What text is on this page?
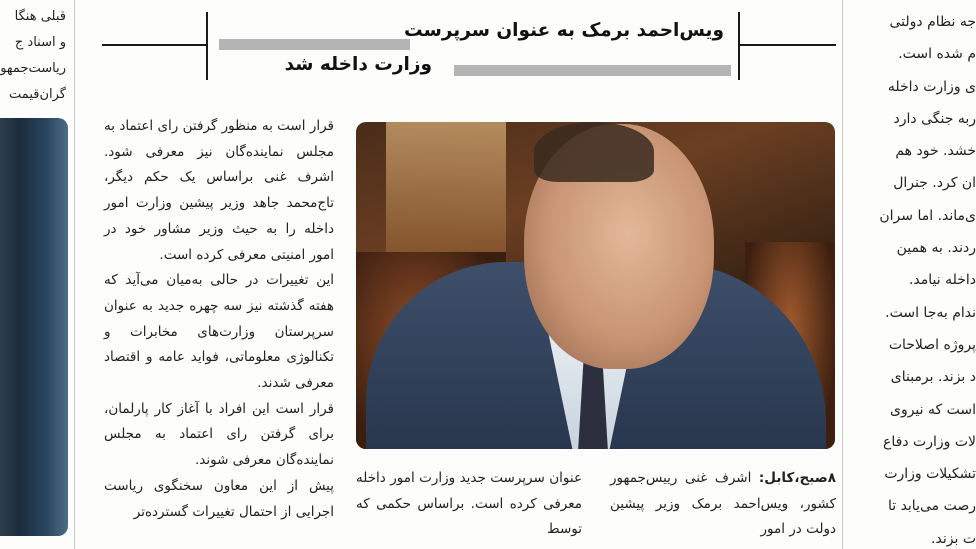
قبلی هنگا
و اسناد ج
ریاست‌جمهو
گران‌قیمت
ویس‌احمد برمک به عنوان سرپرست
وزارت داخله شد

قرار است به منظور گرفتن رای اعتماد به مجلس نماینده‌گان نیز معرفی شود. اشرف غنی براساس یک حکم دیگر، تاج‌محمد جاهد وزیر پیشین وزارت امور داخله را به حیث وزیر مشاور خود در امور امنیتی معرفی کرده است.

این تغییرات در حالی به‌میان می‌آید که هفته گذشته نیز سه چهره جدید به عنوان سرپرستان وزارت‌های مخابرات و تکنالوژی معلوماتی، فواید عامه و اقتصاد معرفی شدند.

قرار است این افراد با آغاز کار پارلمان، برای گرفتن رای اعتماد به مجلس نماینده‌گان معرفی شوند.

پیش از این معاون سخنگوی ریاست اجرایی از احتمال تغییرات گسترده‌تر

عنوان سرپرست جدید وزارت امور داخله معرفی کرده است. براساس حکمی که توسط

۸صبح،کابل: اشرف غنی رییس‌جمهور کشور، ویس‌احمد برمک وزیر پیشین دولت در امور

جه نظام دولتی
م شده است.
ی وزارت داخله
ربه جنگی دارد
خشد. خود هم
ان کرد. جنرال
ی‌ماند. اما سران
ردند. به همین
داخله نیامد.
ندام به‌جا است.
پروژه اصلاحات
د بزند. برمبنای
است که نیروی
لات وزارت دفاع
تشکیلات وزارت
رصت می‌یابد تا
ت بزند.
